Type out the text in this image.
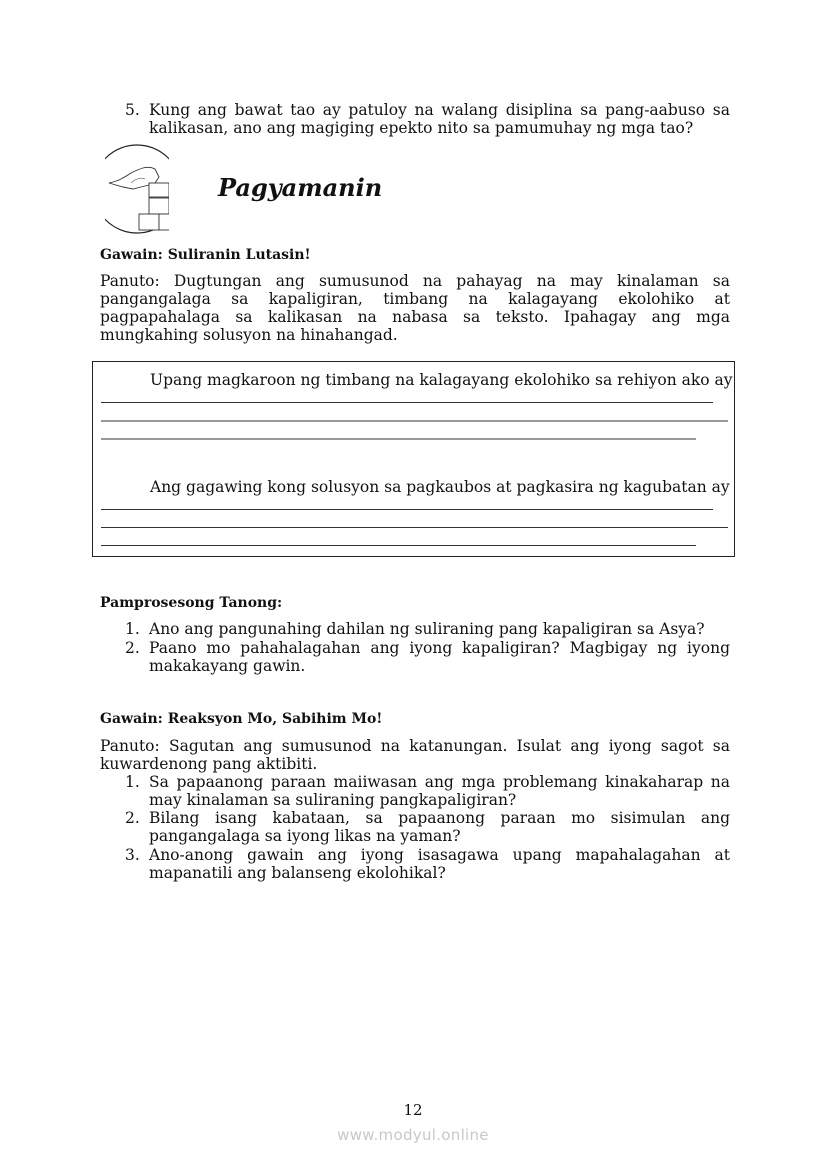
5. Kung ang bawat tao ay patuloy na walang disiplina sa pang-aabuso sa kalikasan, ano ang magiging epekto nito sa pamumuhay ng mga tao?
Pagyamanin
Gawain: Suliranin Lutasin!
Panuto: Dugtungan ang sumusunod na pahayag na may kinalaman sa pangangalaga sa kapaligiran, timbang na kalagayang ekolohiko at pagpapahalaga sa kalikasan na nabasa sa teksto. Ipahagay ang mga mungkahing solusyon na hinahangad.
Upang magkaroon ng timbang na kalagayang ekolohiko sa rehiyon ako ay
Ang gagawing kong solusyon sa pagkaubos at pagkasira ng kagubatan ay
Pamprosesong Tanong:
1. Ano ang pangunahing dahilan ng suliraning pang kapaligiran sa Asya?
2. Paano mo pahahalagahan ang iyong kapaligiran? Magbigay ng iyong makakayang gawin.
Gawain: Reaksyon Mo, Sabihim Mo!
Panuto: Sagutan ang sumusunod na katanungan. Isulat ang iyong sagot sa kuwardenong pang aktibiti.
1. Sa papaanong paraan maiiwasan ang mga problemang kinakaharap na may kinalaman sa suliraning pangkapaligiran?
2. Bilang isang kabataan, sa papaanong paraan mo sisimulan ang pangangalaga sa iyong likas na yaman?
3. Ano-anong gawain ang iyong isasagawa upang mapahalagahan at mapanatili ang balanseng ekolohikal?
12
www.modyul.online
